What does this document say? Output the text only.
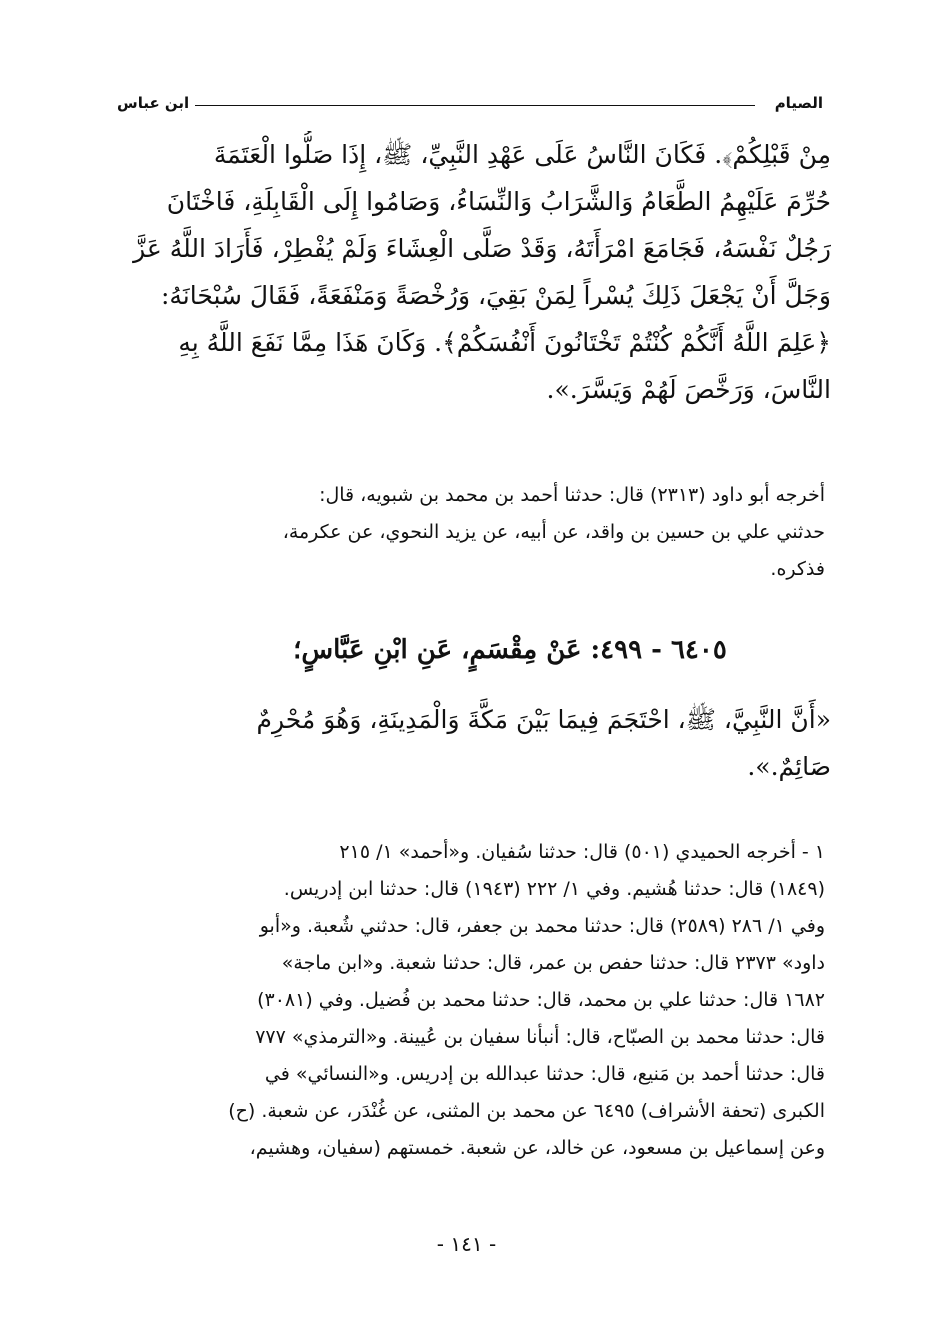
الصيام
ابن عباس
مِنْ قَبْلِكُمْ﴾. فَكَانَ النَّاسُ عَلَى عَهْدِ النَّبِيِّ، ﷺ، إِذَا صَلُّوا الْعَتَمَةَ
حُرِّمَ عَلَيْهِمُ الطَّعَامُ وَالشَّرَابُ وَالنِّسَاءُ، وَصَامُوا إِلَى الْقَابِلَةِ، فَاخْتَانَ
رَجُلٌ نَفْسَهُ، فَجَامَعَ امْرَأَتَهُ، وَقَدْ صَلَّى الْعِشَاءَ وَلَمْ يُفْطِرْ، فَأَرَادَ اللَّهُ عَزَّ
وَجَلَّ أَنْ يَجْعَلَ ذَلِكَ يُسْراً لِمَنْ بَقِيَ، وَرُخْصَةً وَمَنْفَعَةً، فَقَالَ سُبْحَانَهُ:
﴿عَلِمَ اللَّهُ أَنَّكُمْ كُنْتُمْ تَخْتَانُونَ أَنْفُسَكُمْ﴾. وَكَانَ هَذَا مِمَّا نَفَعَ اللَّهُ بِهِ
النَّاسَ، وَرَخَّصَ لَهُمْ وَيَسَّرَ.».
أخرجه أبو داود (٢٣١٣) قال: حدثنا أحمد بن محمد بن شبويه، قال:
حدثني علي بن حسين بن واقد، عن أبيه، عن يزيد النحوي، عن عكرمة،
فذكره.
٦٤٠٥ - ٤٩٩: عَنْ مِقْسَمٍ، عَنِ ابْنِ عَبَّاسٍ؛
«أَنَّ النَّبِيَّ، ﷺ، احْتَجَمَ فِيمَا بَيْنَ مَكَّةَ وَالْمَدِينَةِ، وَهُوَ مُحْرِمٌ
صَائِمٌ.».
١ - أخرجه الحميدي (٥٠١) قال: حدثنا سُفيان. و«أحمد» ١/ ٢١٥
(١٨٤٩) قال: حدثنا هُشيم. وفي ١/ ٢٢٢ (١٩٤٣) قال: حدثنا ابن إدريس.
وفي ١/ ٢٨٦ (٢٥٨٩) قال: حدثنا محمد بن جعفر، قال: حدثني شُعبة. و«أبو
داود» ٢٣٧٣ قال: حدثنا حفص بن عمر، قال: حدثنا شعبة. و«ابن ماجة»
١٦٨٢ قال: حدثنا علي بن محمد، قال: حدثنا محمد بن فُضيل. وفي (٣٠٨١)
قال: حدثنا محمد بن الصبّاح، قال: أنبأنا سفيان بن عُيينة. و«الترمذي» ٧٧٧
قال: حدثنا أحمد بن مَنيع، قال: حدثنا عبدالله بن إدريس. و«النسائي» في
الكبرى (تحفة الأشراف) ٦٤٩٥ عن محمد بن المثنى، عن غُنْدَر، عن شعبة. (ح)
وعن إسماعيل بن مسعود، عن خالد، عن شعبة. خمستهم (سفيان، وهشيم،
- ١٤١ -
